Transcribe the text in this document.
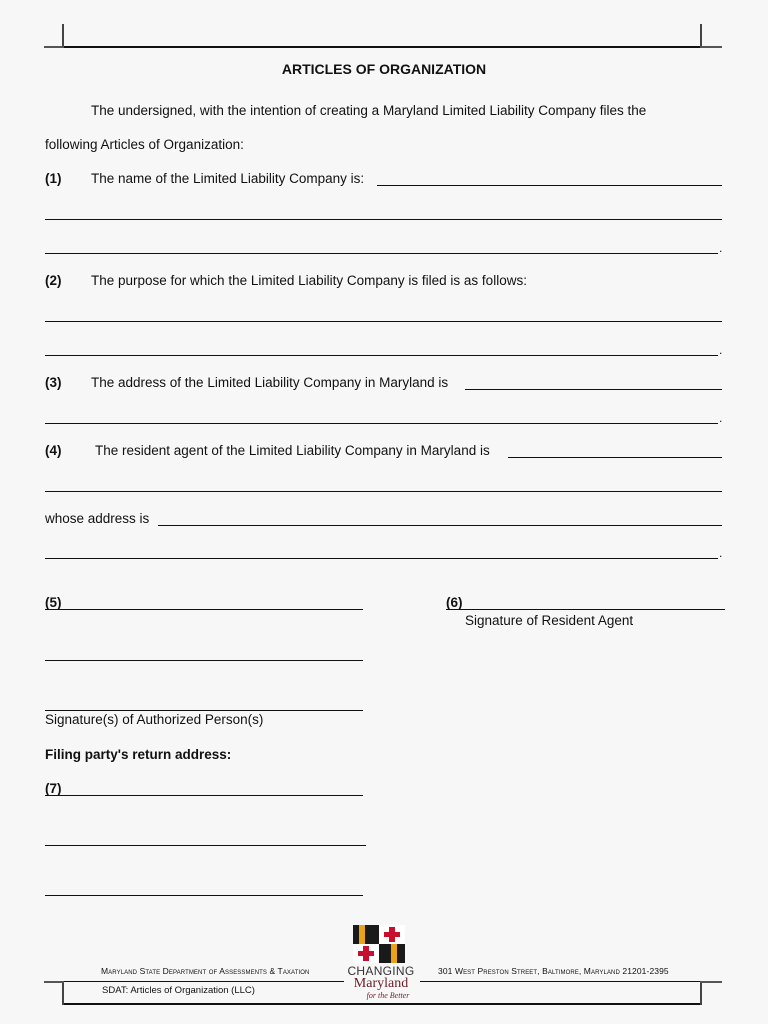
ARTICLES OF ORGANIZATION
The undersigned, with the intention of creating a Maryland Limited Liability Company files the
following Articles of Organization:
(1) The name of the Limited Liability Company is:
.
(2) The purpose for which the Limited Liability Company is filed is as follows:
.
(3) The address of the Limited Liability Company in Maryland is
.
(4) The resident agent of the Limited Liability Company in Maryland is
whose address is
.
(5)	(6)
Signature of Resident Agent
Signature(s) of Authorized Person(s)
Filing party's return address:
(7)
CHANGING
Maryland
for the Better
Maryland State Department of Assessments & Taxation	301 West Preston Street, Baltimore, Maryland 21201-2395
SDAT: Articles of Organization (LLC)
